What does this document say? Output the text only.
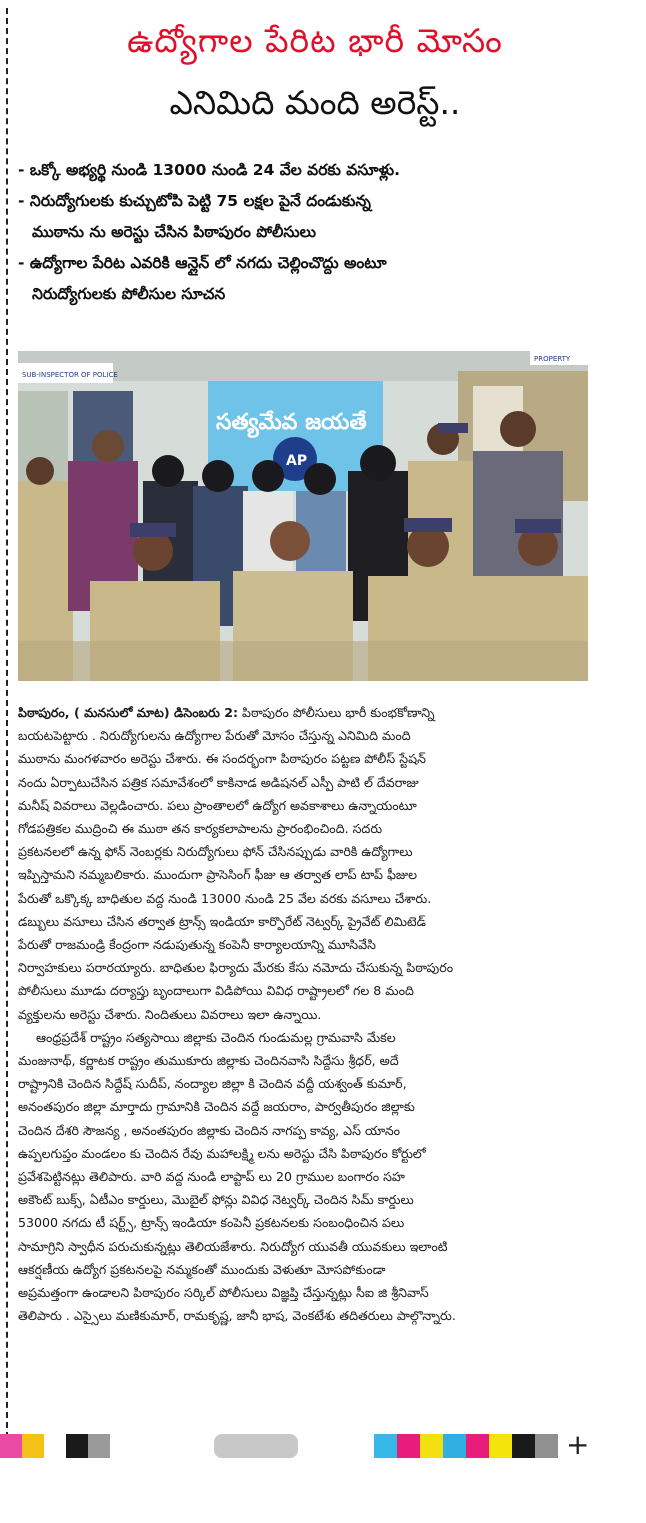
ఉద్యోగాల పేరిట భారీ మోసం
ఎనిమిది మంది అరెస్ట్..
- ఒక్కో అభ్యర్థి నుండి 13000 నుండి 24 వేల వరకు వసూళ్లు.
- నిరుద్యోగులకు కుచ్చుటోపి పెట్టి 75 లక్షల పైనే దండుకున్న
ముఠాను ను అరెస్టు చేసిన పిఠాపురం పోలీసులు
- ఉద్యోగాల పేరిట ఎవరికి ఆన్లైన్ లో నగదు చెల్లించొద్దు అంటూ
నిరుద్యోగులకు పోలీసుల సూచన
SUB-INSPECTOR OF POLICE
PROPERTY
సత్యమేవ జయతే
AP
పిఠాపురం, ( మనసులో మాట) డిసెంబరు 2: పిఠాపురం పోలీసులు భారీ కుంభకోణాన్ని
బయటపెట్టారు . నిరుద్యోగులను ఉద్యోగాల పేరుతో మోసం చేస్తున్న ఎనిమిది మంది
ముఠాను మంగళవారం అరెస్టు చేశారు. ఈ సందర్భంగా పిఠాపురం పట్టణ పోలీస్ స్టేషన్
నందు ఏర్పాటుచేసిన పత్రిక సమావేశంలో కాకినాడ అడిషనల్ ఎస్పీ పాటి ల్ దేవరాజు
మనీష్ వివరాలు వెల్లడించారు. పలు ప్రాంతాలలో ఉద్యోగ అవకాశాలు ఉన్నాయంటూ
గోడపత్రికల ముద్రించి ఈ ముఠా తన కార్యకలాపాలను ప్రారంభించింది. సదరు
ప్రకటనలలో ఉన్న ఫోన్ నెంబర్లకు నిరుద్యోగులు ఫోన్ చేసినప్పుడు వారికి ఉద్యోగాలు
ఇప్పిస్తామని నమ్మబలికారు. ముందుగా ప్రాసెసింగ్ ఫీజు ఆ తర్వాత లాప్ టాప్ ఫీజుల
పేరుతో ఒక్కొక్క బాధితుల వద్ద నుండి 13000 నుండి 25 వేల వరకు వసూలు చేశారు.
డబ్బులు వసూలు చేసిన తర్వాత ట్రాన్స్ ఇండియా కార్పొరేట్ నెట్వర్క్ ప్రైవేట్ లిమిటెడ్
పేరుతో రాజమండ్రి కేంద్రంగా నడుపుతున్న కంపెనీ కార్యాలయాన్ని మూసివేసి
నిర్వాహకులు పరారయ్యారు. బాధితుల ఫిర్యాదు మేరకు కేసు నమోదు చేసుకున్న పిఠాపురం
పోలీసులు మూడు దర్యాప్తు బృందాలుగా విడిపోయి వివిధ రాష్ట్రాలలో గల 8 మంది
వ్యక్తులను అరెస్టు చేశారు. నిందితులు వివరాలు ఇలా ఉన్నాయి.
ఆంధ్రప్రదేశ్ రాష్ట్రం సత్యసాయి జిల్లాకు చెందిన గుండుమల్ల గ్రామవాసి మేకల
మంజునాథ్, కర్ణాటక రాష్ట్రం తుముకూరు జిల్లాకు చెందినవాసి సిద్దేసు శ్రీధర్, అదే
రాష్ట్రానికి చెందిన సిద్దేష్ సుదీప్, నంద్యాల జిల్లా కి చెందిన వద్దీ యశ్వంత్ కుమార్,
అనంతపురం జిల్లా మార్తాదు గ్రామానికి చెందిన వద్దే జయరాం, పార్వతీపురం జిల్లాకు
చెందిన దేశరి సౌజన్య , అనంతపురం జిల్లాకు చెందిన నాగప్ప కావ్య, ఎస్ యానం
ఉప్పలగుప్తం మండలం కు చెందిన రేవు మహాలక్ష్మి లను అరెస్టు చేసి పిఠాపురం కోర్టులో
ప్రవేశపెట్టినట్లు తెలిపారు. వారి వద్ద నుండి లాప్టాప్ లు 20 గ్రాముల బంగారం సహ
అకౌంట్ బుక్స్, ఏటీఎం కార్డులు, మొబైల్ ఫోన్లు వివిధ నెట్వర్క్ చెందిన సిమ్ కార్డులు
53000 నగదు టీ షర్ట్స్, ట్రాన్స్ ఇండియా కంపెనీ ప్రకటనలకు సంబంధించిన పలు
సామాగ్రిని స్వాధీన పరుచుకున్నట్లు తెలియజేశారు. నిరుద్యోగ యువతీ యువకులు ఇలాంటి
ఆకర్షణీయ ఉద్యోగ ప్రకటనలపై నమ్మకంతో ముందుకు వెళుతూ మోసపోకుండా
అప్రమత్తంగా ఉండాలని పిఠాపురం సర్కిల్ పోలీసులు విజ్ఞప్తి చేస్తున్నట్లు సీఐ జి శ్రీనివాస్
తెలిపారు . ఎస్సైలు మణికుమార్, రామకృష్ణ, జానీ భాష, వెంకటేశు తదితరులు పాల్గొన్నారు.
+
